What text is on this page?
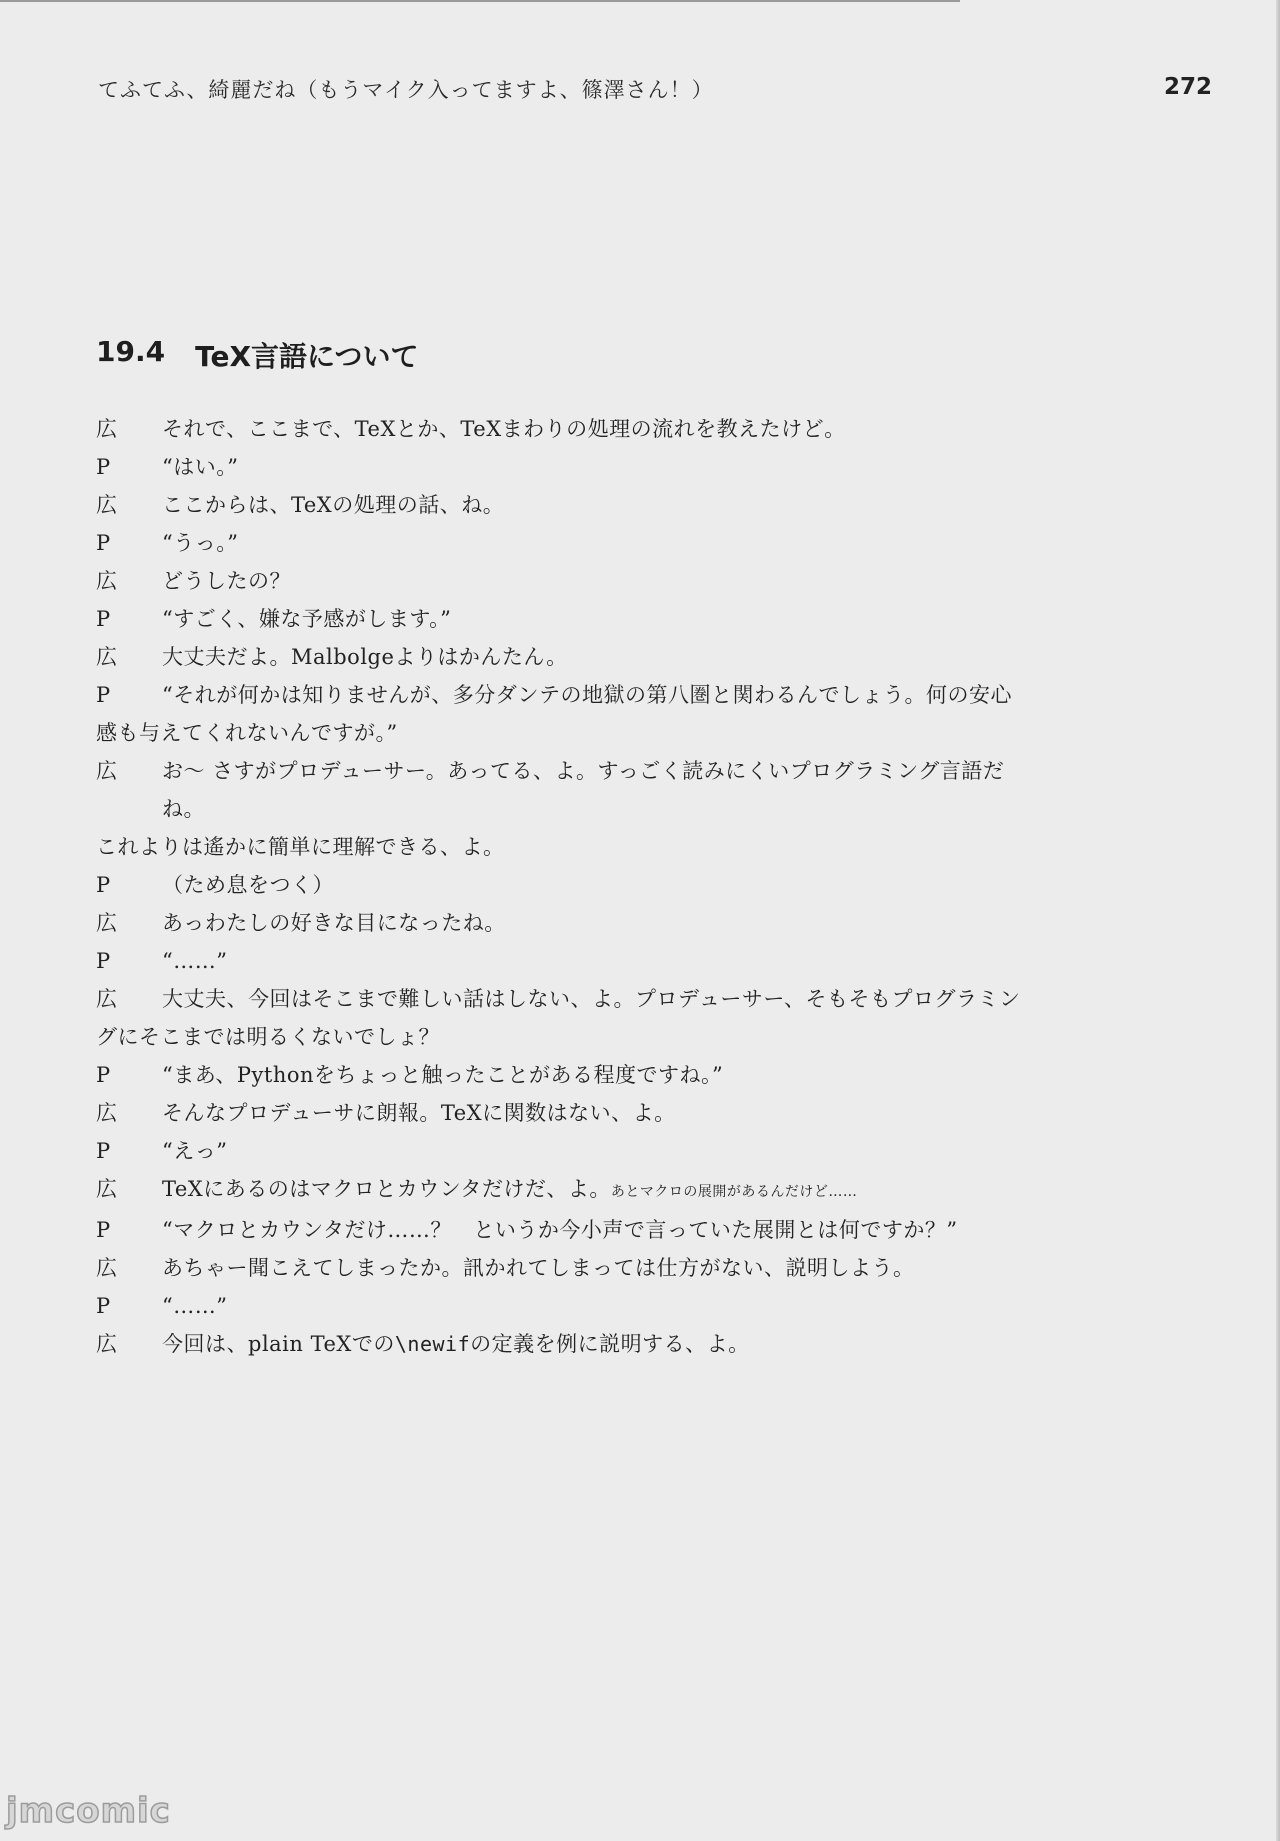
てふてふ、綺麗だね（もうマイク入ってますよ、篠澤さん！）	272
19.4 TeX言語について
広	それで、ここまで、TeXとか、TeXまわりの処理の流れを教えたけど。
P	“はい。”
広	ここからは、TeXの処理の話、ね。
P	“うっ。”
広	どうしたの？
P	“すごく、嫌な予感がします。”
広	大丈夫だよ。Malbolgeよりはかんたん。
P	“それが何かは知りませんが、多分ダンテの地獄の第八圏と関わるんでしょう。何の安心
感も与えてくれないんですが。”
広	お〜 さすがプロデューサー。あってる、よ。すっごく読みにくいプログラミング言語だね。
これよりは遙かに簡単に理解できる、よ。
P	（ため息をつく）
広	あっわたしの好きな目になったね。
P	“……”
広	大丈夫、今回はそこまで難しい話はしない、よ。プロデューサー、そもそもプログラミン
グにそこまでは明るくないでしょ？
P	“まあ、Pythonをちょっと触ったことがある程度ですね。”
広	そんなプロデューサに朗報。TeXに関数はない、よ。
P	“えっ”
広	TeXにあるのはマクロとカウンタだけだ、よ。あとマクロの展開があるんだけど……
P	“マクロとカウンタだけ……？　というか今小声で言っていた展開とは何ですか？”
広	あちゃー聞こえてしまったか。訊かれてしまっては仕方がない、説明しよう。
P	“……”
広	今回は、plain TeXでの\newifの定義を例に説明する、よ。
jmcomic
